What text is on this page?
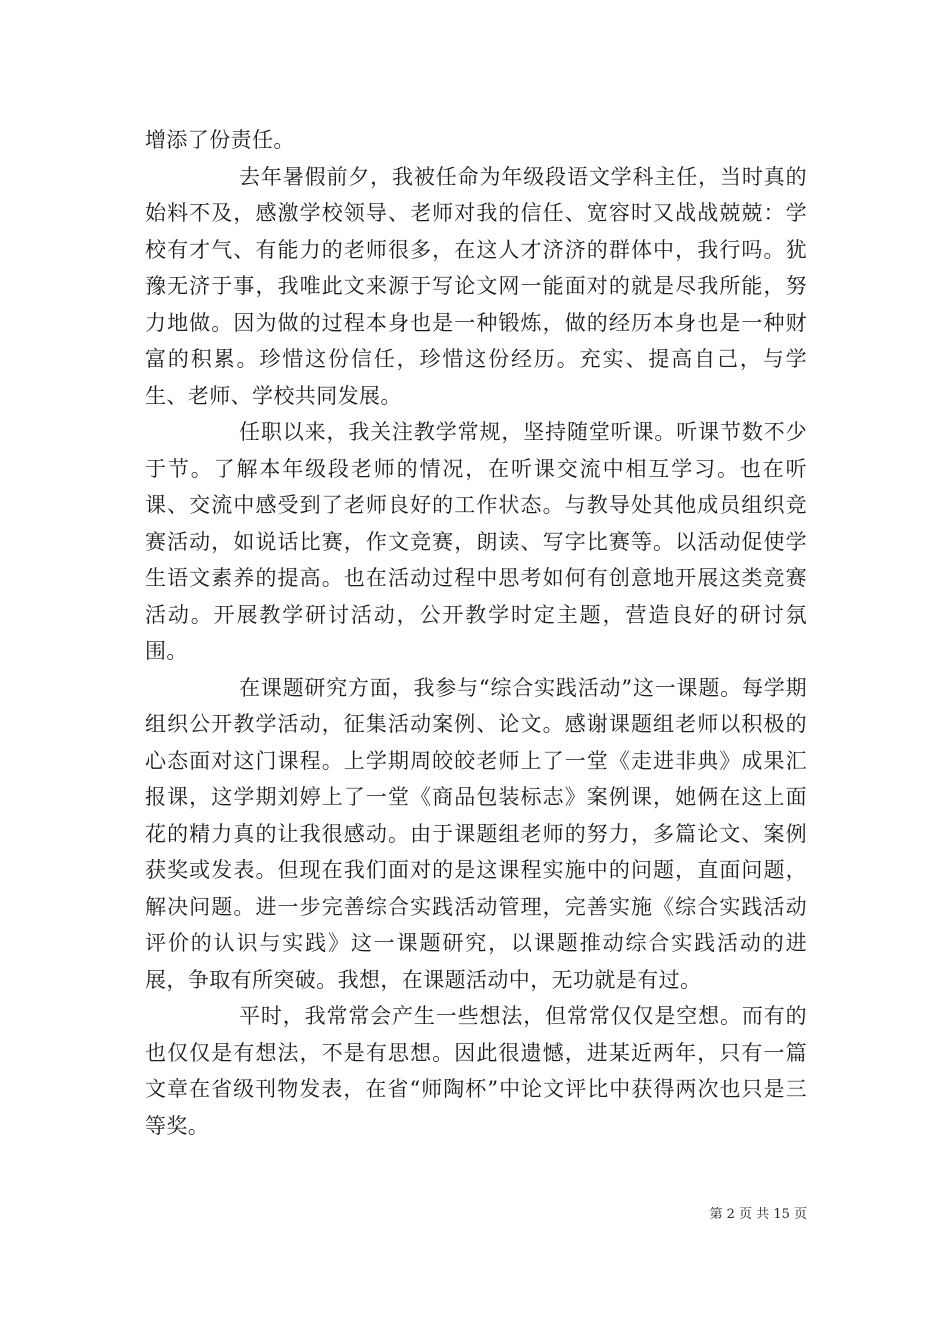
增添了份责任。

去年暑假前夕，我被任命为年级段语文学科主任，当时真的始料不及，感激学校领导、老师对我的信任、宽容时又战战兢兢：学校有才气、有能力的老师很多，在这人才济济的群体中，我行吗。犹豫无济于事，我唯此文来源于写论文网一能面对的就是尽我所能，努力地做。因为做的过程本身也是一种锻炼，做的经历本身也是一种财富的积累。珍惜这份信任，珍惜这份经历。充实、提高自己，与学生、老师、学校共同发展。

任职以来，我关注教学常规，坚持随堂听课。听课节数不少于节。了解本年级段老师的情况，在听课交流中相互学习。也在听课、交流中感受到了老师良好的工作状态。与教导处其他成员组织竞赛活动，如说话比赛，作文竞赛，朗读、写字比赛等。以活动促使学生语文素养的提高。也在活动过程中思考如何有创意地开展这类竞赛活动。开展教学研讨活动，公开教学时定主题，营造良好的研讨氛围。

在课题研究方面，我参与“综合实践活动”这一课题。每学期组织公开教学活动，征集活动案例、论文。感谢课题组老师以积极的心态面对这门课程。上学期周皎皎老师上了一堂《走进非典》成果汇报课，这学期刘婷上了一堂《商品包装标志》案例课，她俩在这上面花的精力真的让我很感动。由于课题组老师的努力，多篇论文、案例获奖或发表。但现在我们面对的是这课程实施中的问题，直面问题，解决问题。进一步完善综合实践活动管理，完善实施《综合实践活动评价的认识与实践》这一课题研究，以课题推动综合实践活动的进展，争取有所突破。我想，在课题活动中，无功就是有过。

平时，我常常会产生一些想法，但常常仅仅是空想。而有的也仅仅是有想法，不是有思想。因此很遗憾，进某近两年，只有一篇文章在省级刊物发表，在省“师陶杯”中论文评比中获得两次也只是三等奖。

第 2 页 共 15 页
